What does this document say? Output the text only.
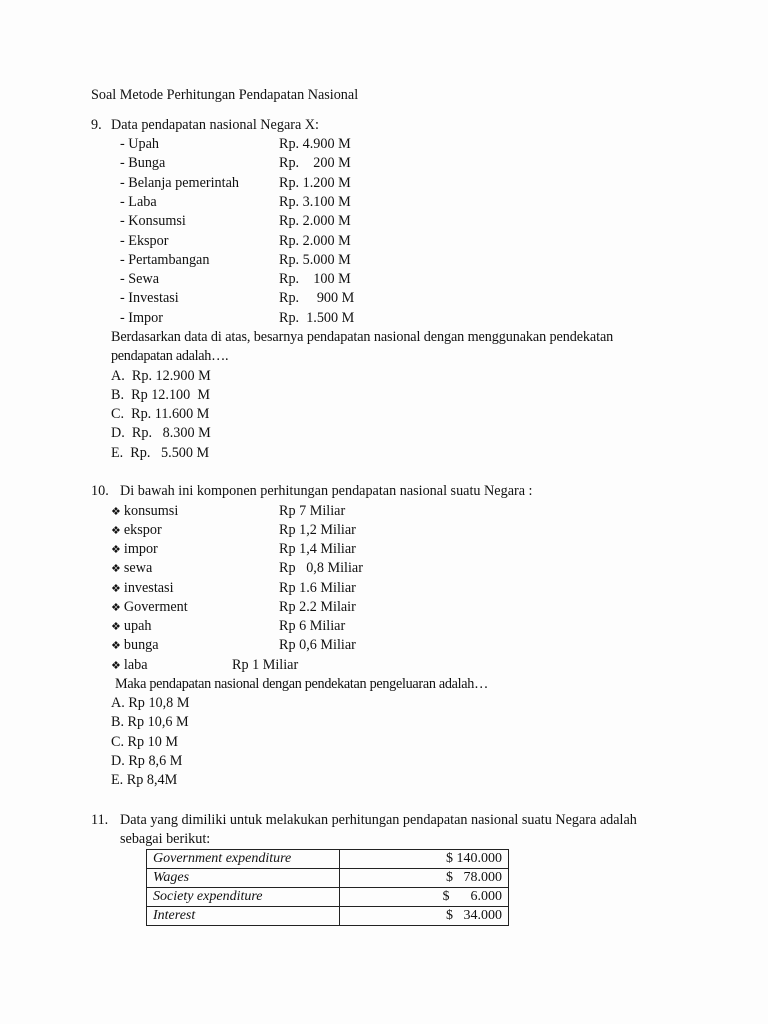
Soal Metode Perhitungan Pendapatan Nasional
9. Data pendapatan nasional Negara X:
- Upah	Rp. 4.900 M
- Bunga	Rp.    200 M
- Belanja pemerintah	Rp. 1.200 M
- Laba	Rp. 3.100 M
- Konsumsi	Rp. 2.000 M
- Ekspor	Rp. 2.000 M
- Pertambangan	Rp. 5.000 M
- Sewa	Rp.    100 M
- Investasi	Rp.     900 M
- Impor	Rp.  1.500 M
Berdasarkan data di atas, besarnya pendapatan nasional dengan menggunakan pendekatan
pendapatan adalah….
A.  Rp. 12.900 M
B.  Rp 12.100  M
C.  Rp. 11.600 M
D.  Rp.   8.300 M
E.  Rp.   5.500 M
10. Di bawah ini komponen perhitungan pendapatan nasional suatu Negara :
❖ konsumsi	Rp 7 Miliar
❖ ekspor	Rp 1,2 Miliar
❖ impor	Rp 1,4 Miliar
❖ sewa	Rp   0,8 Miliar
❖ investasi	Rp 1.6 Miliar
❖ Goverment	Rp 2.2 Milair
❖ upah	Rp 6 Miliar
❖ bunga	Rp 0,6 Miliar
❖ laba	Rp 1 Miliar
Maka pendapatan nasional dengan pendekatan pengeluaran adalah…
A. Rp 10,8 M
B. Rp 10,6 M
C. Rp 10 M
D. Rp 8,6 M
E. Rp 8,4M
11. Data yang dimiliki untuk melakukan perhitungan pendapatan nasional suatu Negara adalah
sebagai berikut:
Government expenditure	$ 140.000
Wages	$ 78.000
Society expenditure	$ 6.000
Interest	$ 34.000
